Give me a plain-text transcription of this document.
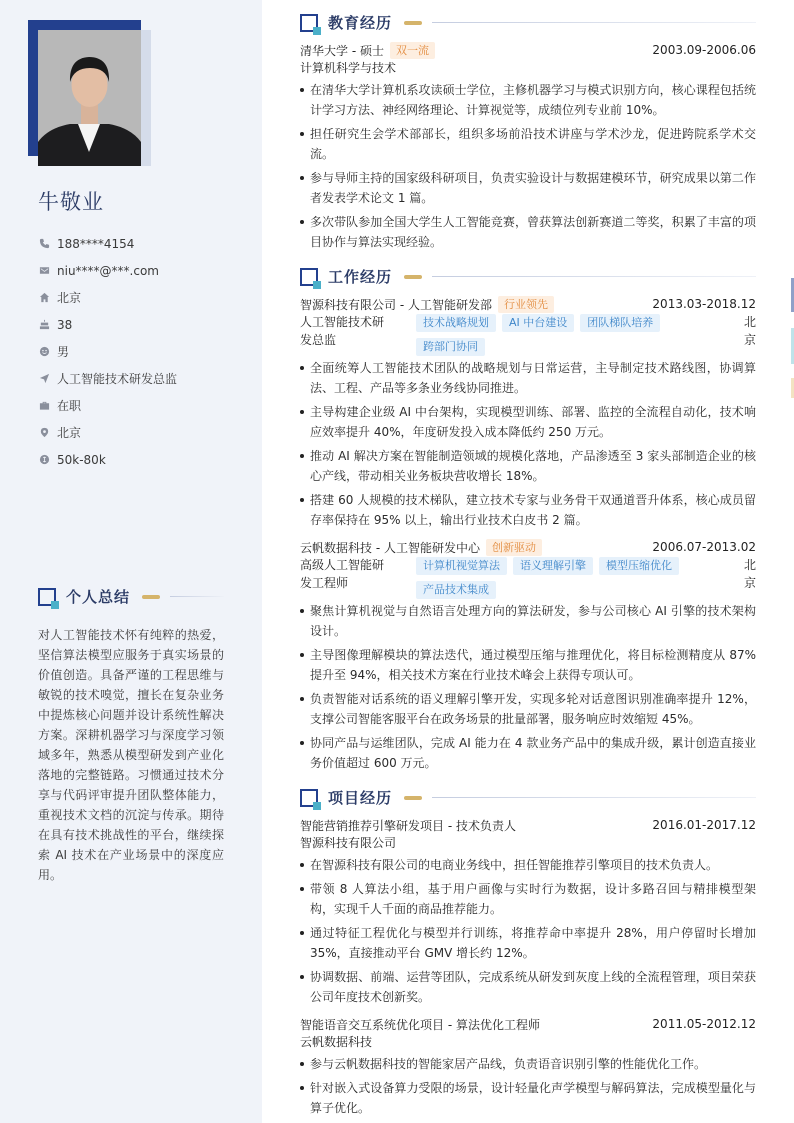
牛敬业
188****4154
niu****@***.com
北京
38
男
人工智能技术研发总监
在职
北京
50k-80k
个人总结

对人工智能技术怀有纯粹的热爱，坚信算法模型应服务于真实场景的价值创造。具备严谨的工程思维与敏锐的技术嗅觉，擅长在复杂业务中提炼核心问题并设计系统性解决方案。深耕机器学习与深度学习领域多年，熟悉从模型研发到产业化落地的完整链路。习惯通过技术分享与代码评审提升团队整体能力，重视技术文档的沉淀与传承。期待在具有技术挑战性的平台，继续探索 AI 技术在产业场景中的深度应用。

教育经历
清华大学 - 硕士	双一流	2003.09-2006.06
计算机科学与技术
在清华大学计算机系攻读硕士学位，主修机器学习与模式识别方向，核心课程包括统计学习方法、神经网络理论、计算视觉等，成绩位列专业前 10%。
担任研究生会学术部部长，组织多场前沿技术讲座与学术沙龙，促进跨院系学术交流。
参与导师主持的国家级科研项目，负责实验设计与数据建模环节，研究成果以第二作者发表学术论文 1 篇。
多次带队参加全国大学生人工智能竞赛，曾获算法创新赛道二等奖，积累了丰富的项目协作与算法实现经验。
工作经历
智源科技有限公司 - 人工智能研发部	行业领先	2013.03-2018.12
人工智能技术研发总监
技术战略规划	AI 中台建设	团队梯队培养
跨部门协同
北京
全面统筹人工智能技术团队的战略规划与日常运营，主导制定技术路线图，协调算法、工程、产品等多条业务线协同推进。
主导构建企业级 AI 中台架构，实现模型训练、部署、监控的全流程自动化，技术响应效率提升 40%，年度研发投入成本降低约 250 万元。
推动 AI 解决方案在智能制造领域的规模化落地，产品渗透至 3 家头部制造企业的核心产线，带动相关业务板块营收增长 18%。
搭建 60 人规模的技术梯队，建立技术专家与业务骨干双通道晋升体系，核心成员留存率保持在 95% 以上，输出行业技术白皮书 2 篇。
云帆数据科技 - 人工智能研发中心	创新驱动	2006.07-2013.02
高级人工智能研发工程师
计算机视觉算法	语义理解引擎	模型压缩优化
产品技术集成
北京
聚焦计算机视觉与自然语言处理方向的算法研发，参与公司核心 AI 引擎的技术架构设计。
主导图像理解模块的算法迭代，通过模型压缩与推理优化，将目标检测精度从 87% 提升至 94%，相关技术方案在行业技术峰会上获得专项认可。
负责智能对话系统的语义理解引擎开发，实现多轮对话意图识别准确率提升 12%，支撑公司智能客服平台在政务场景的批量部署，服务响应时效缩短 45%。
协同产品与运维团队，完成 AI 能力在 4 款业务产品中的集成升级，累计创造直接业务价值超过 600 万元。
项目经历
智能营销推荐引擎研发项目 - 技术负责人	2016.01-2017.12
智源科技有限公司
在智源科技有限公司的电商业务线中，担任智能推荐引擎项目的技术负责人。
带领 8 人算法小组，基于用户画像与实时行为数据，设计多路召回与精排模型架构，实现千人千面的商品推荐能力。
通过特征工程优化与模型并行训练，将推荐命中率提升 28%，用户停留时长增加 35%，直接推动平台 GMV 增长约 12%。
协调数据、前端、运营等团队，完成系统从研发到灰度上线的全流程管理，项目荣获公司年度技术创新奖。
智能语音交互系统优化项目 - 算法优化工程师	2011.05-2012.12
云帆数据科技
参与云帆数据科技的智能家居产品线，负责语音识别引擎的性能优化工作。
针对嵌入式设备算力受限的场景，设计轻量化声学模型与解码算法，完成模型量化与算子优化。
